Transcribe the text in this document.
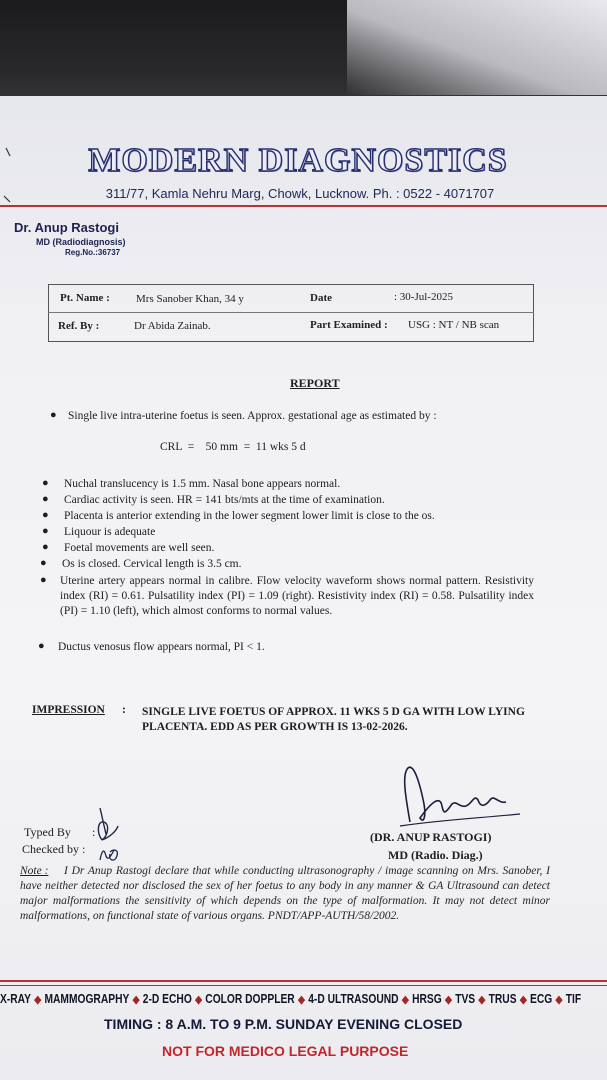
MODERN DIAGNOSTICS
311/77, Kamla Nehru Marg, Chowk, Lucknow. Ph. : 0522 - 4071707
Dr. Anup Rastogi
MD (Radiodiagnosis)
Reg.No.:36737
Pt. Name : Mrs Sanober Khan, 34 y	Date	: 30-Jul-2025
Ref. By :	Dr Abida Zainab.	Part Examined : USG : NT / NB scan
REPORT
● Single live intra-uterine foetus is seen. Approx. gestational age as estimated by :
CRL  =    50 mm  =  11 wks 5 d
● Nuchal translucency is 1.5 mm. Nasal bone appears normal.
● Cardiac activity is seen. HR = 141 bts/mts at the time of examination.
● Placenta is anterior extending in the lower segment lower limit is close to the os.
● Liquour is adequate
● Foetal movements are well seen.
● Os is closed. Cervical length is 3.5 cm.
● Uterine artery appears normal in calibre. Flow velocity waveform shows normal pattern. Resistivity index (RI) = 0.61. Pulsatility index (PI) = 1.09 (right). Resistivity index (RI) = 0.58. Pulsatility index (PI) = 1.10 (left), which almost conforms to normal values.
● Ductus venosus flow appears normal, PI < 1.
IMPRESSION : SINGLE LIVE FOETUS OF APPROX. 11 WKS 5 D GA WITH LOW LYING PLACENTA. EDD AS PER GROWTH IS 13-02-2026.
Typed By :
Checked by :
(DR. ANUP RASTOGI)
MD (Radio. Diag.)
Note :	I Dr Anup Rastogi declare that while conducting ultrasonography / image scanning on Mrs. Sanober, I have neither detected nor disclosed the sex of her foetus to any body in any manner & GA Ultrasound can detect major malformations the sensitivity of which depends on the type of malformation. It may not detect minor malformations, on functional state of various organs. PNDT/APP-AUTH/58/2002.
X-RAY ◆ MAMMOGRAPHY ◆ 2-D ECHO ◆ COLOR DOPPLER ◆ 4-D ULTRASOUND ◆ HRSG ◆ TVS ◆ TRUS ◆ ECG ◆ TIF
TIMING : 8 A.M. TO 9 P.M. SUNDAY EVENING CLOSED
NOT FOR MEDICO LEGAL PURPOSE
